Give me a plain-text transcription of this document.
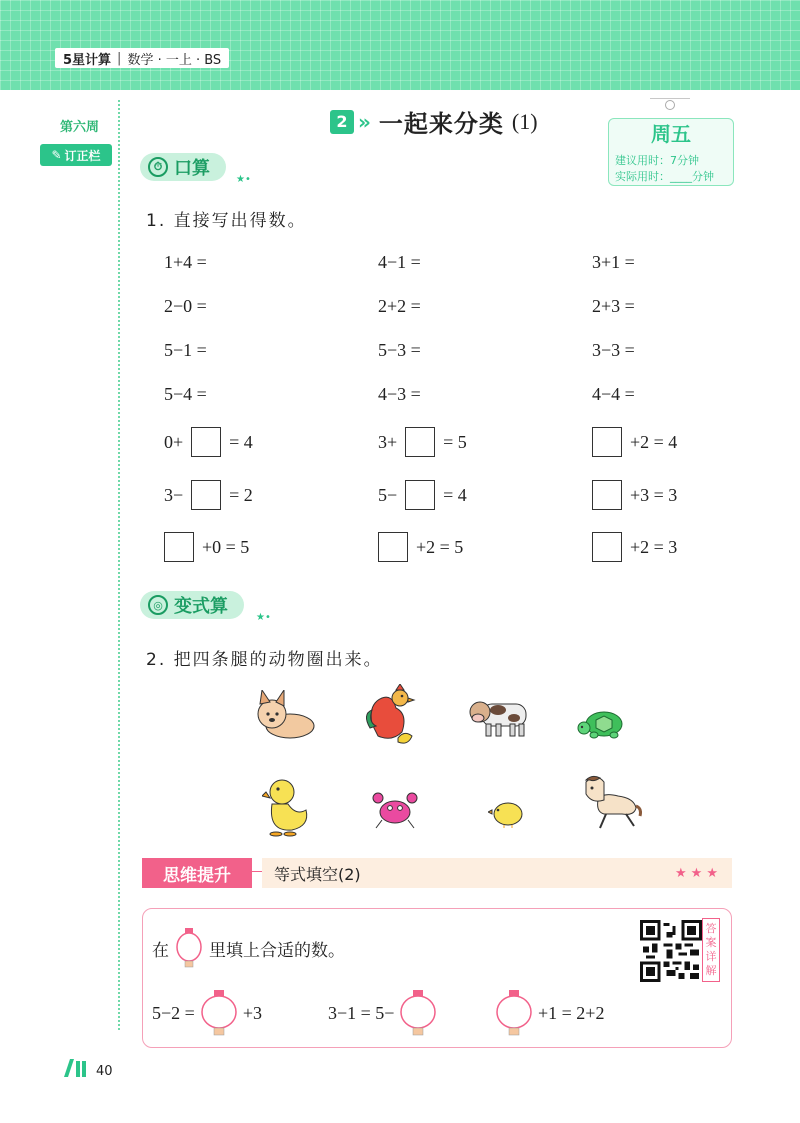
5星计算 | 数学 · 一上 · BS
第六周
✎ 订正栏
2 » 一起来分类 (1)
周五
建议用时：7分钟
实际用时：____分钟
⏱ 口算
★•
1. 直接写出得数。
1+4 =	4−1 =	3+1 =
2−0 =	2+2 =	2+3 =
5−1 =	5−3 =	3−3 =
5−4 =	4−3 =	4−4 =
0+	= 4	3+	= 5	+2 = 4
3−	= 2	5−	= 4	+3 = 3
+0 = 5	+2 = 5	+2 = 3
◎ 变式算
★•
2. 把四条腿的动物圈出来。
思维提升	等式填空(2)	★★★
在 里填上合适的数。
5−2 =	+3	3−1 = 5−	+1 = 2+2
答
案
详
解
40
